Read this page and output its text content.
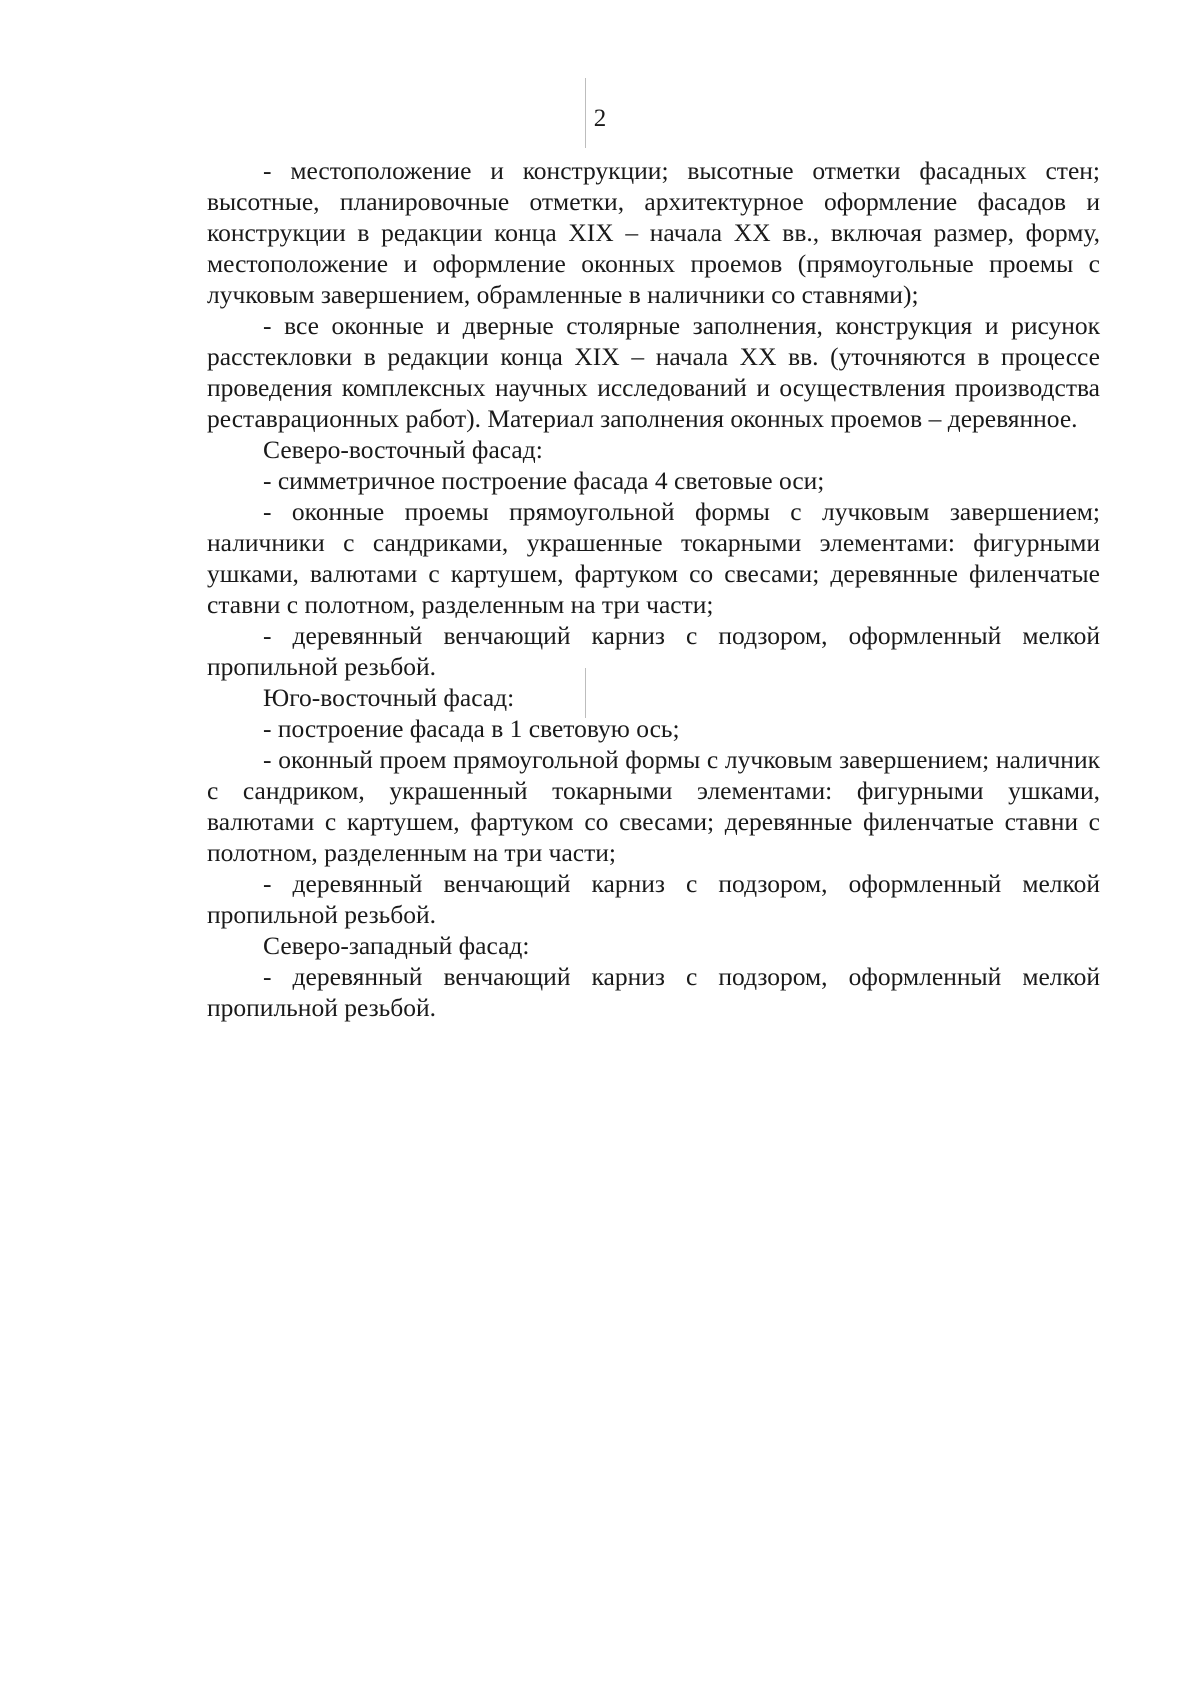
2

- местоположение и конструкции; высотные отметки фасадных стен; высотные, планировочные отметки, архитектурное оформление фасадов и конструкции в редакции конца XIX – начала XX вв., включая размер, форму, местоположение и оформление оконных проемов (прямоугольные проемы с лучковым завершением, обрамленные в наличники со ставнями);

- все оконные и дверные столярные заполнения, конструкция и рисунок расстекловки в редакции конца XIX – начала XX вв. (уточняются в процессе проведения комплексных научных исследований и осуществления производства реставрационных работ). Материал заполнения оконных проемов – деревянное.

Северо-восточный фасад:

- симметричное построение фасада 4 световые оси;

- оконные проемы прямоугольной формы с лучковым завершением; наличники с сандриками, украшенные токарными элементами: фигурными ушками, валютами с картушем, фартуком со свесами; деревянные филенчатые ставни с полотном, разделенным на три части;

- деревянный венчающий карниз с подзором, оформленный мелкой пропильной резьбой.

Юго-восточный фасад:

- построение фасада в 1 световую ось;

- оконный проем прямоугольной формы с лучковым завершением; наличник с сандриком, украшенный токарными элементами: фигурными ушками, валютами с картушем, фартуком со свесами; деревянные филенчатые ставни с полотном, разделенным на три части;

- деревянный венчающий карниз с подзором, оформленный мелкой пропильной резьбой.

Северо-западный фасад:

- деревянный венчающий карниз с подзором, оформленный мелкой пропильной резьбой.
